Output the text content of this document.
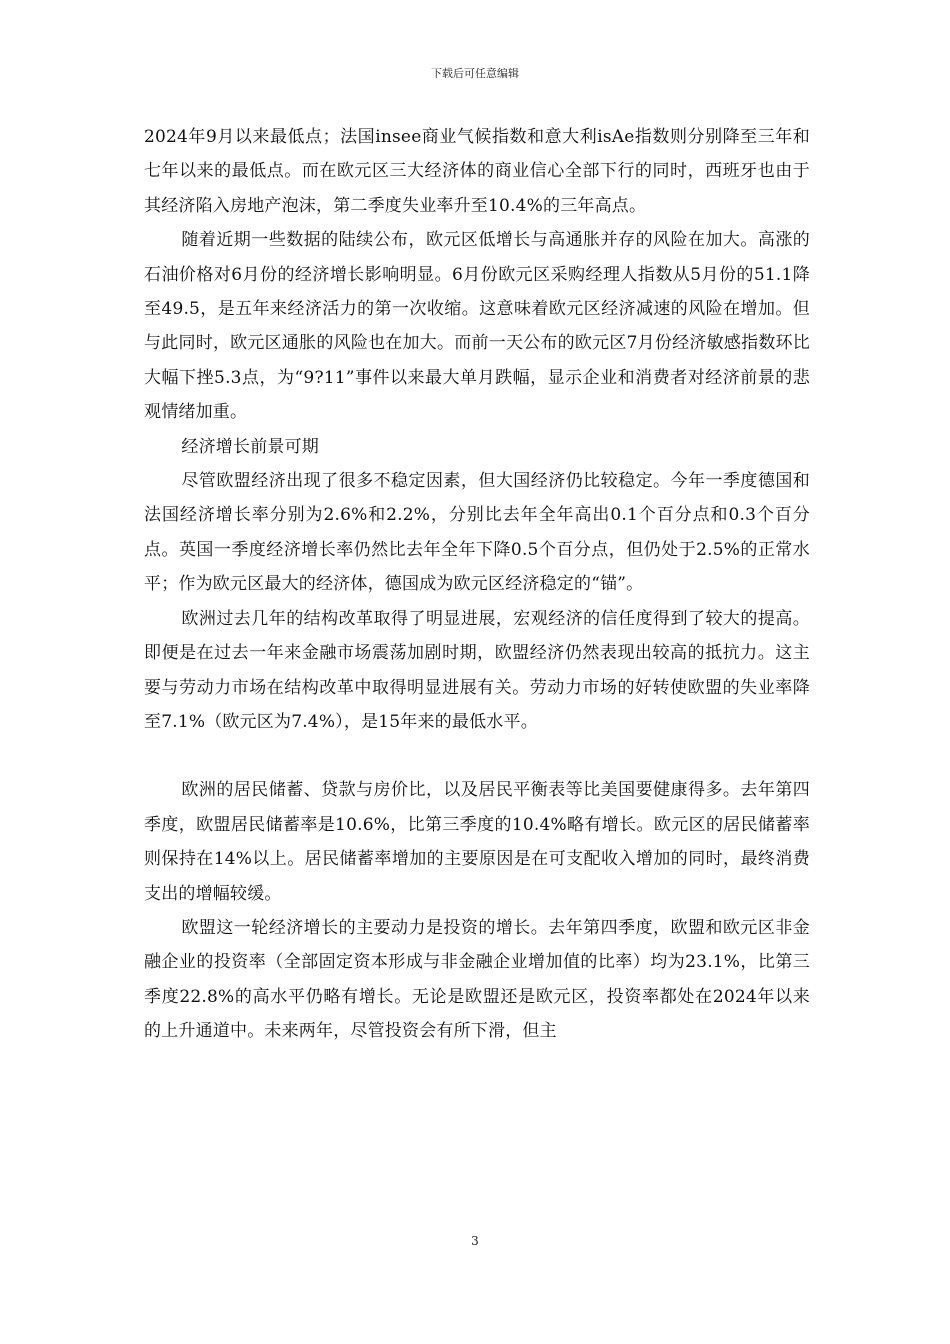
下载后可任意编辑

2024年9月以来最低点；法国insee商业气候指数和意大利isAe指数则分别降至三年和七年以来的最低点。而在欧元区三大经济体的商业信心全部下行的同时，西班牙也由于其经济陷入房地产泡沫，第二季度失业率升至10.4%的三年高点。

随着近期一些数据的陆续公布，欧元区低增长与高通胀并存的风险在加大。高涨的石油价格对6月份的经济增长影响明显。6月份欧元区采购经理人指数从5月份的51.1降至49.5，是五年来经济活力的第一次收缩。这意味着欧元区经济减速的风险在增加。但与此同时，欧元区通胀的风险也在加大。而前一天公布的欧元区7月份经济敏感指数环比大幅下挫5.3点，为“9?11”事件以来最大单月跌幅，显示企业和消费者对经济前景的悲观情绪加重。

经济增长前景可期

尽管欧盟经济出现了很多不稳定因素，但大国经济仍比较稳定。今年一季度德国和法国经济增长率分别为2.6%和2.2%，分别比去年全年高出0.1个百分点和0.3个百分点。英国一季度经济增长率仍然比去年全年下降0.5个百分点，但仍处于2.5%的正常水平；作为欧元区最大的经济体，德国成为欧元区经济稳定的“锚”。

欧洲过去几年的结构改革取得了明显进展，宏观经济的信任度得到了较大的提高。即便是在过去一年来金融市场震荡加剧时期，欧盟经济仍然表现出较高的抵抗力。这主要与劳动力市场在结构改革中取得明显进展有关。劳动力市场的好转使欧盟的失业率降至7.1%（欧元区为7.4%），是15年来的最低水平。

欧洲的居民储蓄、贷款与房价比，以及居民平衡表等比美国要健康得多。去年第四季度，欧盟居民储蓄率是10.6%，比第三季度的10.4%略有增长。欧元区的居民储蓄率则保持在14%以上。居民储蓄率增加的主要原因是在可支配收入增加的同时，最终消费支出的增幅较缓。

欧盟这一轮经济增长的主要动力是投资的增长。去年第四季度，欧盟和欧元区非金融企业的投资率（全部固定资本形成与非金融企业增加值的比率）均为23.1%，比第三季度22.8%的高水平仍略有增长。无论是欧盟还是欧元区，投资率都处在2024年以来的上升通道中。未来两年，尽管投资会有所下滑，但主

3
